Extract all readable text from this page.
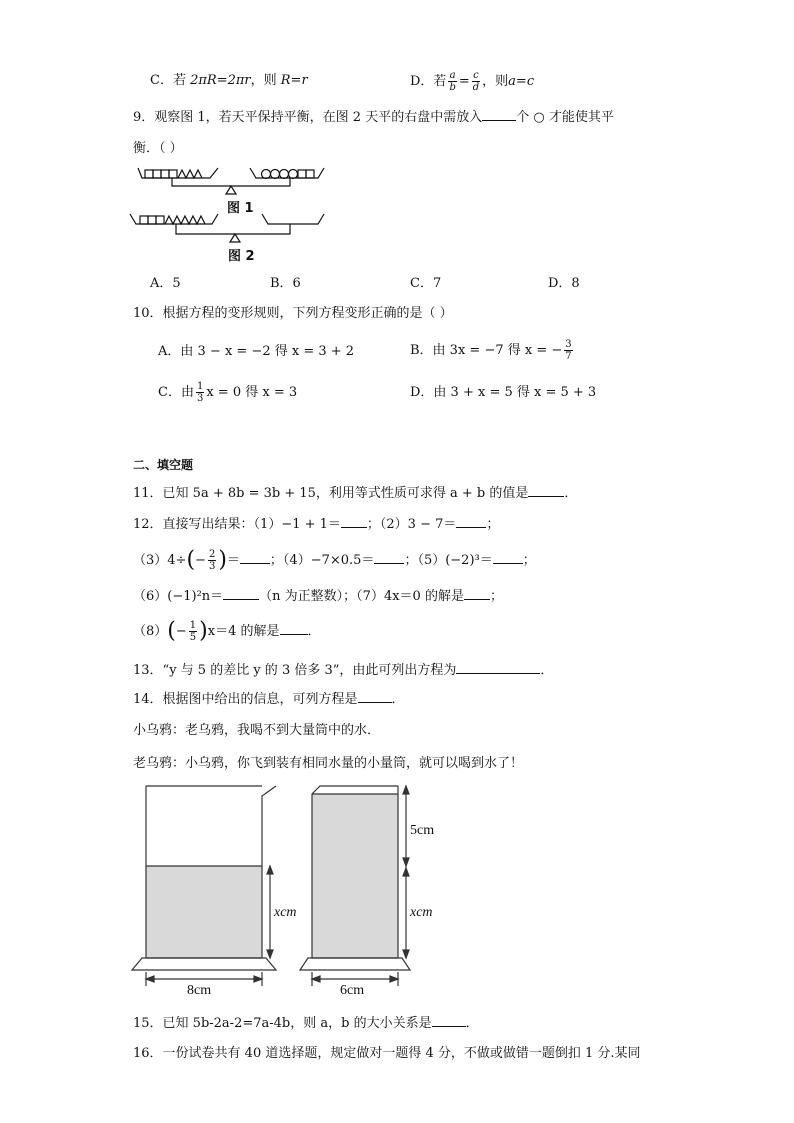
C．若 2πR=2πr，则 R=r	D．若 $\frac{a}{b} = \frac{c}{d}$ ，则a=c
9．观察图 1，若天平保持平衡，在图 2 天平的右盘中需放入	个 ○ 才能使其平
衡．（ ）
图 1
图 2
A．5	B．6	C．7	D．8
10．根据方程的变形规则，下列方程变形正确的是（ ）
A．由 3 − x = −2 得 x = 3 + 2	B．由 3x = −7 得 x = − $\frac{3}{7}$
C．由 $\frac{1}{3}$ x = 0 得 x = 3	D．由 3 + x = 5 得 x = 5 + 3
二、填空题
11．已知 5a + 8b = 3b + 15，利用等式性质可求得 a + b 的值是	．
12．直接写出结果：（1）−1 + 1＝ ；（2）3 − 7＝ ；
$(3)4\div(- \frac{2}{3}$ )＝ ；（4）−7×0.5＝ ；（5）(−2)³＝ ；
（6）(−1)²n＝	（n 为正整数）；（7）4x＝0 的解是 ；
$(8)(- \frac{1}{5} )x=4$ 的解是 ．
13．“y 与 5 的差比 y 的 3 倍多 3”，由此可列出方程为	．
14．根据图中给出的信息，可列方程是	．
小乌鸦：老乌鸦，我喝不到大量筒中的水．
老乌鸦：小乌鸦，你飞到装有相同水量的小量筒，就可以喝到水了！
xcm
8cm
5cm
xcm
6cm
15．已知 5b-2a-2=7a-4b，则 a，b 的大小关系是	．
16．一份试卷共有 40 道选择题，规定做对一题得 4 分，不做或做错一题倒扣 1 分.某同
